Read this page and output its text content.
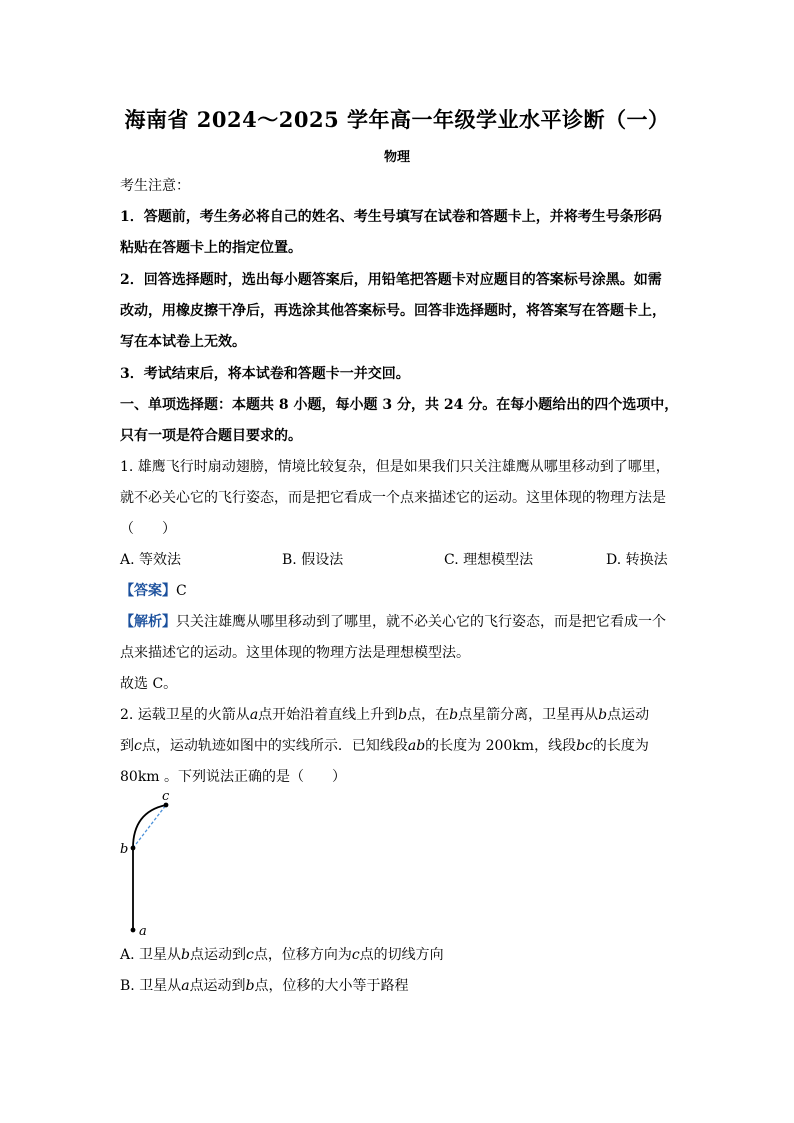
海南省 2024～2025 学年高一年级学业水平诊断（一）
物理
考生注意：
1．答题前，考生务必将自己的姓名、考生号填写在试卷和答题卡上，并将考生号条形码
粘贴在答题卡上的指定位置。
2．回答选择题时，选出每小题答案后，用铅笔把答题卡对应题目的答案标号涂黑。如需
改动，用橡皮擦干净后，再选涂其他答案标号。回答非选择题时，将答案写在答题卡上，
写在本试卷上无效。
3．考试结束后，将本试卷和答题卡一并交回。
一、单项选择题：本题共 8 小题，每小题 3 分，共 24 分。在每小题给出的四个选项中，
只有一项是符合题目要求的。
1. 雄鹰飞行时扇动翅膀，情境比较复杂，但是如果我们只关注雄鹰从哪里移动到了哪里，
就不必关心它的飞行姿态，而是把它看成一个点来描述它的运动。这里体现的物理方法是
（　　）
A. 等效法	B. 假设法	C. 理想模型法	D. 转换法
【答案】C
【解析】只关注雄鹰从哪里移动到了哪里，就不必关心它的飞行姿态，而是把它看成一个
点来描述它的运动。这里体现的物理方法是理想模型法。
故选 C。
2. 运载卫星的火箭从a点开始沿着直线上升到b点，在b点星箭分离，卫星再从b点运动
到c点，运动轨迹如图中的实线所示．已知线段ab的长度为 200km，线段bc的长度为
80km 。下列说法正确的是（　　）
a
b
c
A. 卫星从b点运动到c点，位移方向为c点的切线方向
B. 卫星从a点运动到b点，位移的大小等于路程
